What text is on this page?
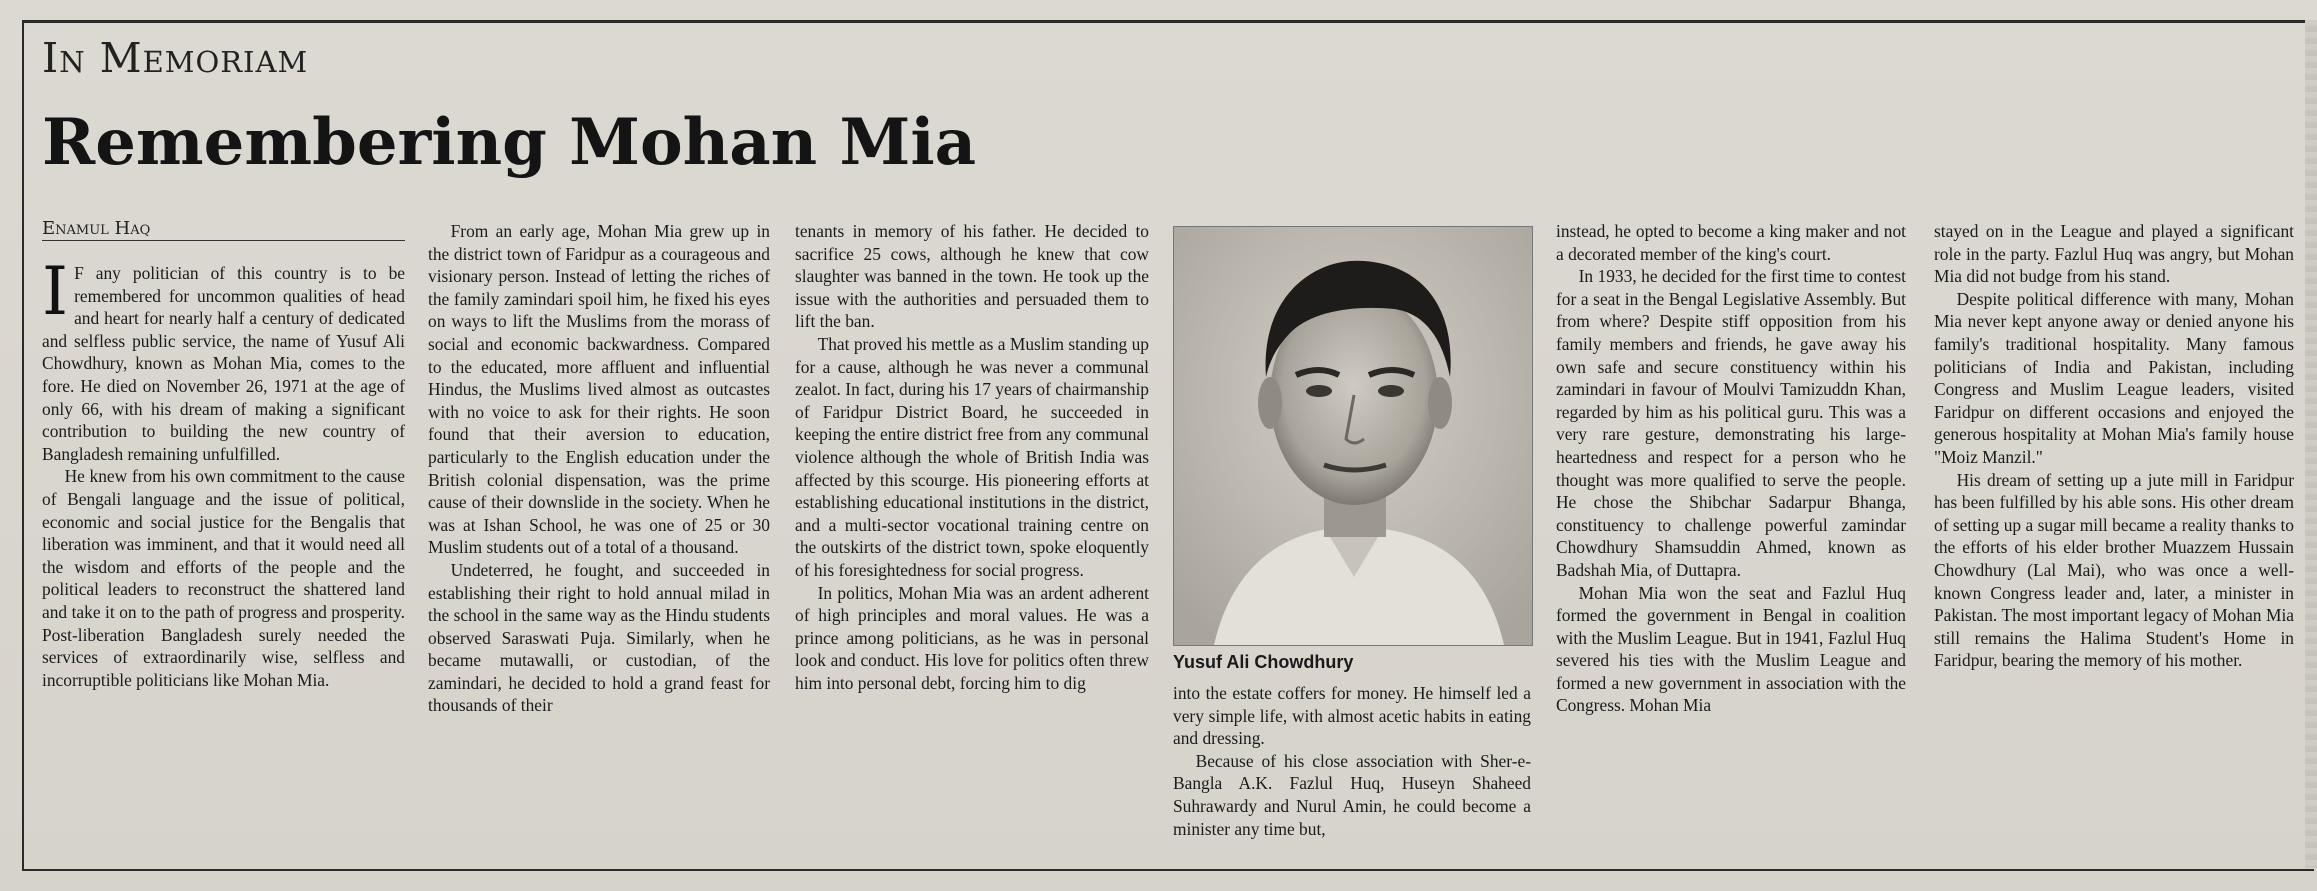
In Memoriam
Remembering Mohan Mia
Enamul Haq

I F any politician of this country is to be remembered for uncommon qualities of head and heart for nearly half a century of dedicated and selfless public service, the name of Yusuf Ali Chowdhury, known as Mohan Mia, comes to the fore. He died on November 26, 1971 at the age of only 66, with his dream of making a significant contribution to building the new country of Bangladesh remaining unfulfilled.

He knew from his own commitment to the cause of Bengali language and the issue of political, economic and social justice for the Bengalis that liberation was imminent, and that it would need all the wisdom and efforts of the people and the political leaders to reconstruct the shattered land and take it on to the path of progress and prosperity. Post-liberation Bangladesh surely needed the services of extraordinarily wise, selfless and incorruptible politicians like Mohan Mia.

From an early age, Mohan Mia grew up in the district town of Faridpur as a courageous and visionary person. Instead of letting the riches of the family zamindari spoil him, he fixed his eyes on ways to lift the Muslims from the morass of social and economic backwardness. Compared to the educated, more affluent and influential Hindus, the Muslims lived almost as outcastes with no voice to ask for their rights. He soon found that their aversion to education, particularly to the English education under the British colonial dispensation, was the prime cause of their downslide in the society. When he was at Ishan School, he was one of 25 or 30 Muslim students out of a total of a thousand.

Undeterred, he fought, and succeeded in establishing their right to hold annual milad in the school in the same way as the Hindu students observed Saraswati Puja. Similarly, when he became mutawalli, or custodian, of the zamindari, he decided to hold a grand feast for thousands of their

tenants in memory of his father. He decided to sacrifice 25 cows, although he knew that cow slaughter was banned in the town. He took up the issue with the authorities and persuaded them to lift the ban.

That proved his mettle as a Muslim standing up for a cause, although he was never a communal zealot. In fact, during his 17 years of chairmanship of Faridpur District Board, he succeeded in keeping the entire district free from any communal violence although the whole of British India was affected by this scourge. His pioneering efforts at establishing educational institutions in the district, and a multi-sector vocational training centre on the outskirts of the district town, spoke eloquently of his foresightedness for social progress.

In politics, Mohan Mia was an ardent adherent of high principles and moral values. He was a prince among politicians, as he was in personal look and conduct. His love for politics often threw him into personal debt, forcing him to dig

Yusuf Ali Chowdhury

into the estate coffers for money. He himself led a very simple life, with almost acetic habits in eating and dressing.

Because of his close association with Sher-e-Bangla A.K. Fazlul Huq, Huseyn Shaheed Suhrawardy and Nurul Amin, he could become a minister any time but,

instead, he opted to become a king maker and not a decorated member of the king's court.

In 1933, he decided for the first time to contest for a seat in the Bengal Legislative Assembly. But from where? Despite stiff opposition from his family members and friends, he gave away his own safe and secure constituency within his zamindari in favour of Moulvi Tamizuddn Khan, regarded by him as his political guru. This was a very rare gesture, demonstrating his large-heartedness and respect for a person who he thought was more qualified to serve the people. He chose the Shibchar Sadarpur Bhanga, constituency to challenge powerful zamindar Chowdhury Shamsuddin Ahmed, known as Badshah Mia, of Duttapra.

Mohan Mia won the seat and Fazlul Huq formed the government in Bengal in coalition with the Muslim League. But in 1941, Fazlul Huq severed his ties with the Muslim League and formed a new government in association with the Congress. Mohan Mia

stayed on in the League and played a significant role in the party. Fazlul Huq was angry, but Mohan Mia did not budge from his stand.

Despite political difference with many, Mohan Mia never kept anyone away or denied anyone his family's traditional hospitality. Many famous politicians of India and Pakistan, including Congress and Muslim League leaders, visited Faridpur on different occasions and enjoyed the generous hospitality at Mohan Mia's family house "Moiz Manzil."

His dream of setting up a jute mill in Faridpur has been fulfilled by his able sons. His other dream of setting up a sugar mill became a reality thanks to the efforts of his elder brother Muazzem Hussain Chowdhury (Lal Mai), who was once a well-known Congress leader and, later, a minister in Pakistan. The most important legacy of Mohan Mia still remains the Halima Student's Home in Faridpur, bearing the memory of his mother.
